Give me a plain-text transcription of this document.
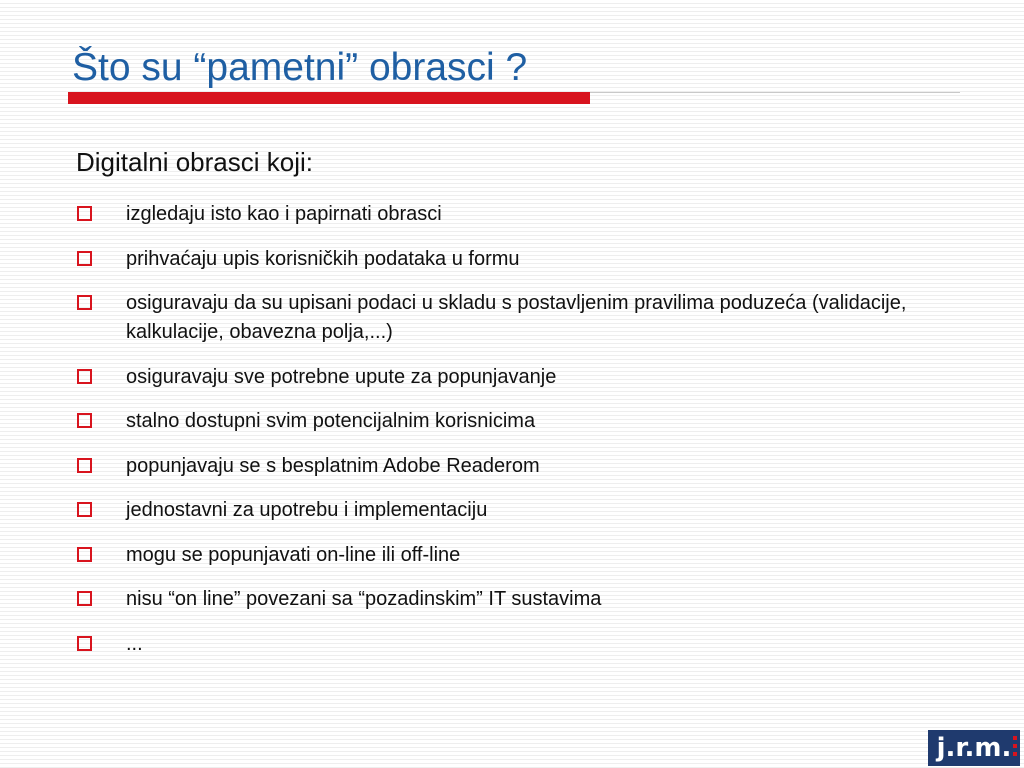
Što su “pametni” obrasci ?
Digitalni obrasci koji:
izgledaju isto kao i papirnati obrasci
prihvaćaju upis korisničkih podataka u formu
osiguravaju da su upisani podaci u skladu s postavljenim pravilima poduzeća (validacije, kalkulacije, obavezna polja,...)
osiguravaju sve potrebne upute za popunjavanje
stalno dostupni svim potencijalnim korisnicima
popunjavaju se s besplatnim Adobe Readerom
jednostavni za upotrebu i implementaciju
mogu se popunjavati on-line ili off-line
nisu “on line” povezani sa “pozadinskim” IT sustavima
...
j.r.m.
